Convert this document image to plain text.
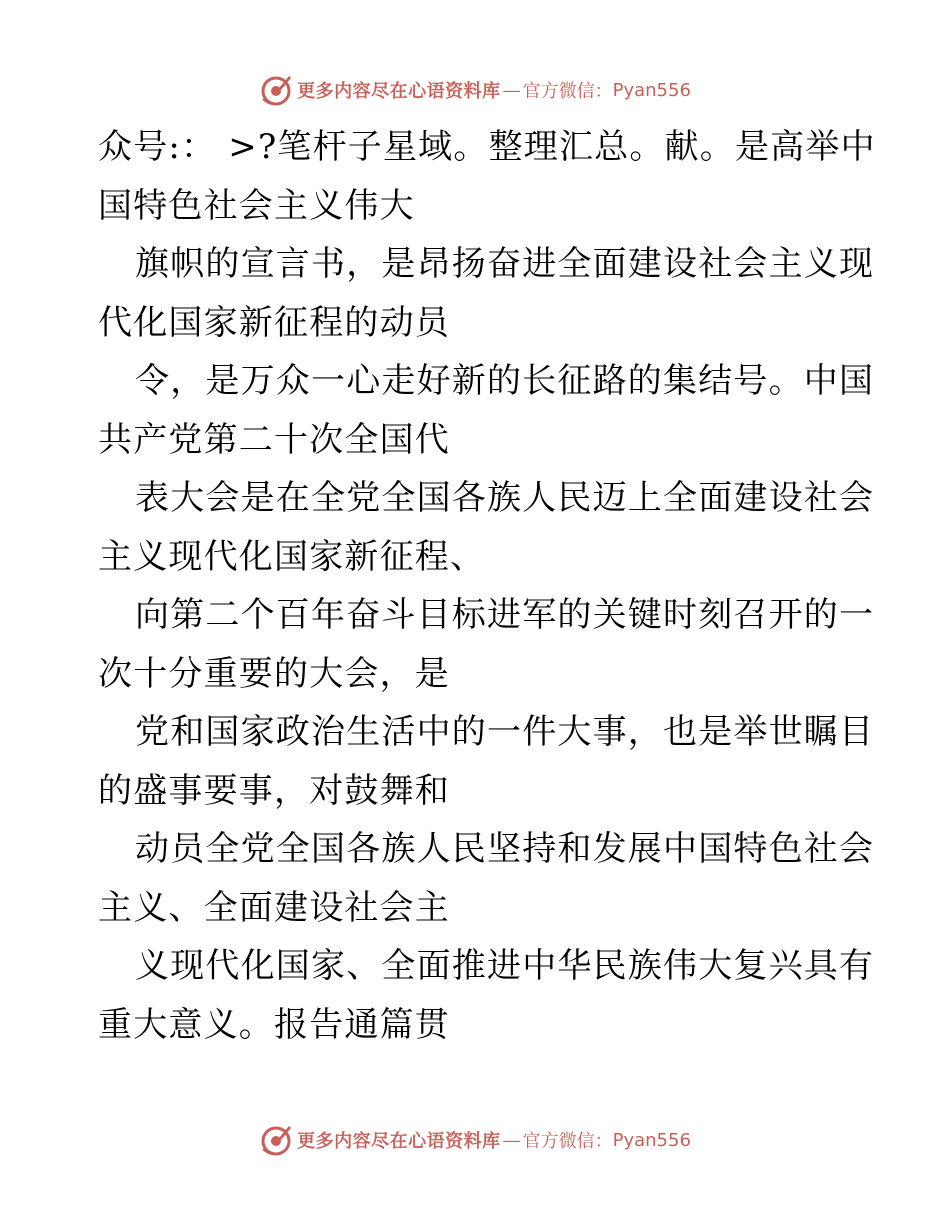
更多内容尽在心语资料库 — 官方微信： Pyan556
众号:： >?笔杆子星域。整理汇总。献。是高举中
国特色社会主义伟大
旗帜的宣言书，是昂扬奋进全面建设社会主义现
代化国家新征程的动员
令，是万众一心走好新的长征路的集结号。中国
共产党第二十次全国代
表大会是在全党全国各族人民迈上全面建设社会
主义现代化国家新征程、
向第二个百年奋斗目标进军的关键时刻召开的一
次十分重要的大会，是
党和国家政治生活中的一件大事，也是举世瞩目
的盛事要事，对鼓舞和
动员全党全国各族人民坚持和发展中国特色社会
主义、全面建设社会主
义现代化国家、全面推进中华民族伟大复兴具有
重大意义。报告通篇贯
更多内容尽在心语资料库 — 官方微信： Pyan556
